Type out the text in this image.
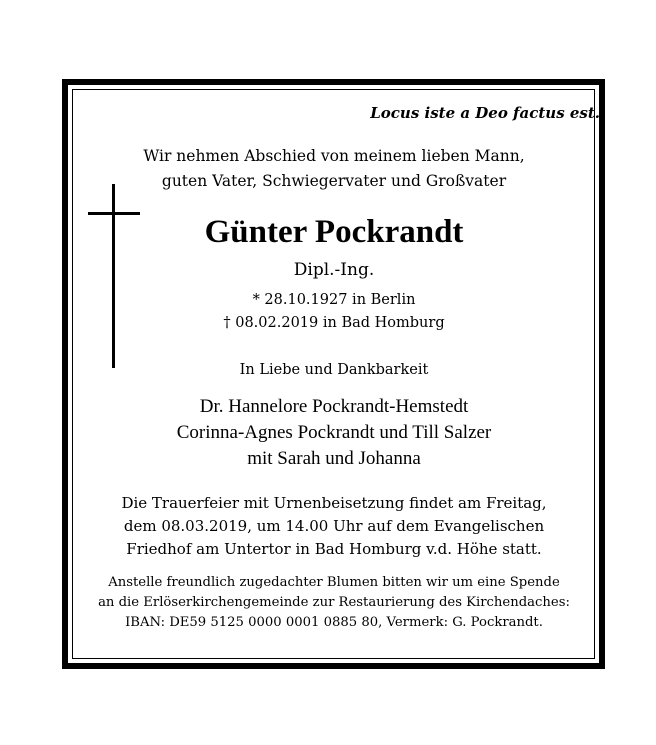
Locus iste a Deo factus est.
Wir nehmen Abschied von meinem lieben Mann,
guten Vater, Schwiegervater und Großvater
Günter Pockrandt
Dipl.-Ing.
* 28.10.1927 in Berlin
† 08.02.2019 in Bad Homburg
In Liebe und Dankbarkeit
Dr. Hannelore Pockrandt-Hemstedt
Corinna-Agnes Pockrandt und Till Salzer
mit Sarah und Johanna
Die Trauerfeier mit Urnenbeisetzung findet am Freitag,
dem 08.03.2019, um 14.00 Uhr auf dem Evangelischen
Friedhof am Untertor in Bad Homburg v.d. Höhe statt.
Anstelle freundlich zugedachter Blumen bitten wir um eine Spende
an die Erlöserkirchengemeinde zur Restaurierung des Kirchendaches:
IBAN: DE59 5125 0000 0001 0885 80, Vermerk: G. Pockrandt.
